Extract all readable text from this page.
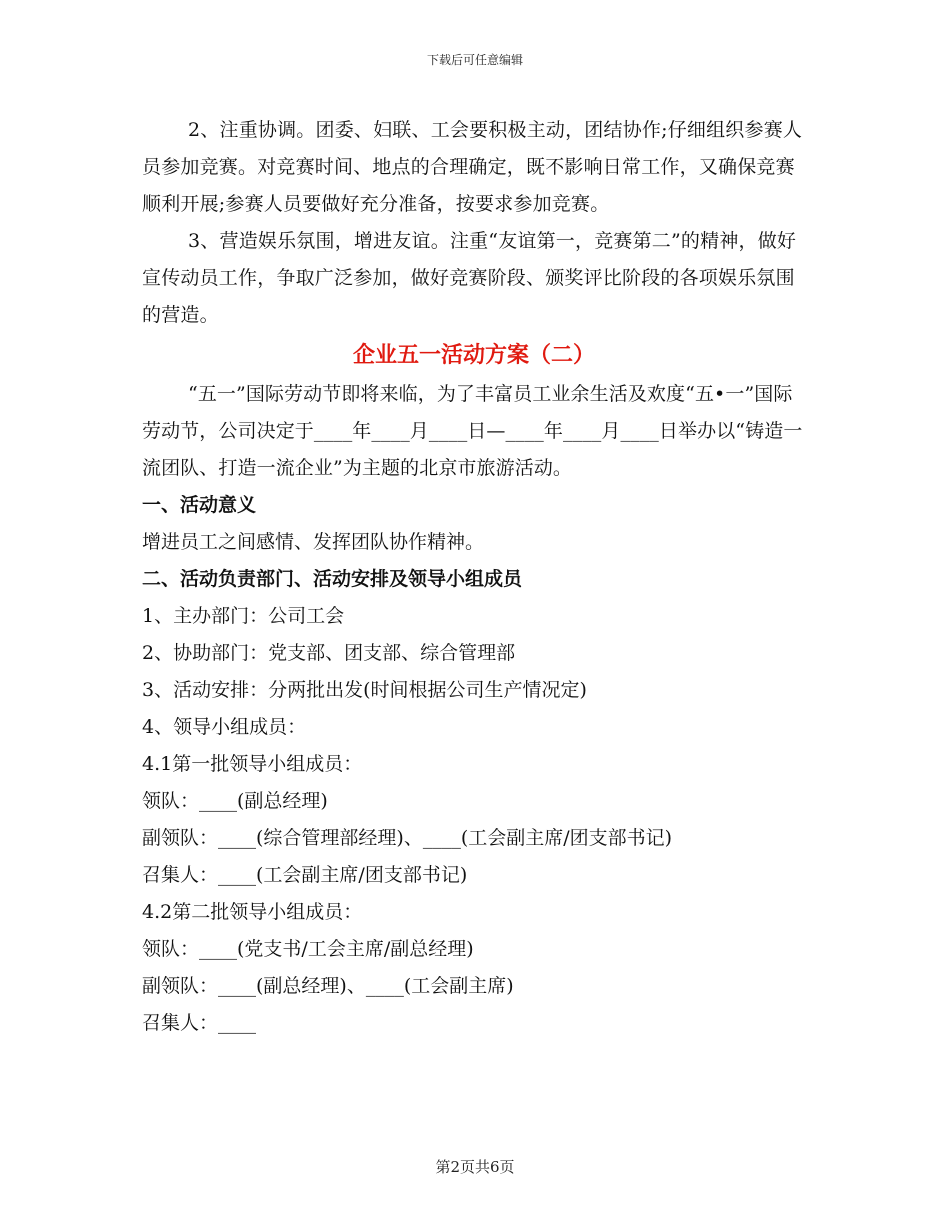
下载后可任意编辑

2、注重协调。团委、妇联、工会要积极主动，团结协作;仔细组织参赛人员参加竞赛。对竞赛时间、地点的合理确定，既不影响日常工作，又确保竞赛顺利开展;参赛人员要做好充分准备，按要求参加竞赛。

3、营造娱乐氛围，增进友谊。注重“友谊第一，竞赛第二”的精神，做好宣传动员工作，争取广泛参加，做好竞赛阶段、颁奖评比阶段的各项娱乐氛围的营造。

企业五一活动方案（二）

“五一”国际劳动节即将来临，为了丰富员工业余生活及欢度“五•一”国际劳动节，公司决定于____年____月____日—____年____月____日举办以“铸造一流团队、打造一流企业”为主题的北京市旅游活动。

一、活动意义

增进员工之间感情、发挥团队协作精神。

二、活动负责部门、活动安排及领导小组成员

1、主办部门：公司工会

2、协助部门：党支部、团支部、综合管理部

3、活动安排：分两批出发(时间根据公司生产情况定)

4、领导小组成员：

4.1第一批领导小组成员：

领队：____(副总经理)

副领队：____(综合管理部经理)、____(工会副主席/团支部书记)

召集人：____(工会副主席/团支部书记)

4.2第二批领导小组成员：

领队：____(党支书/工会主席/副总经理)

副领队：____(副总经理)、____(工会副主席)

召集人：____

第2页共6页
